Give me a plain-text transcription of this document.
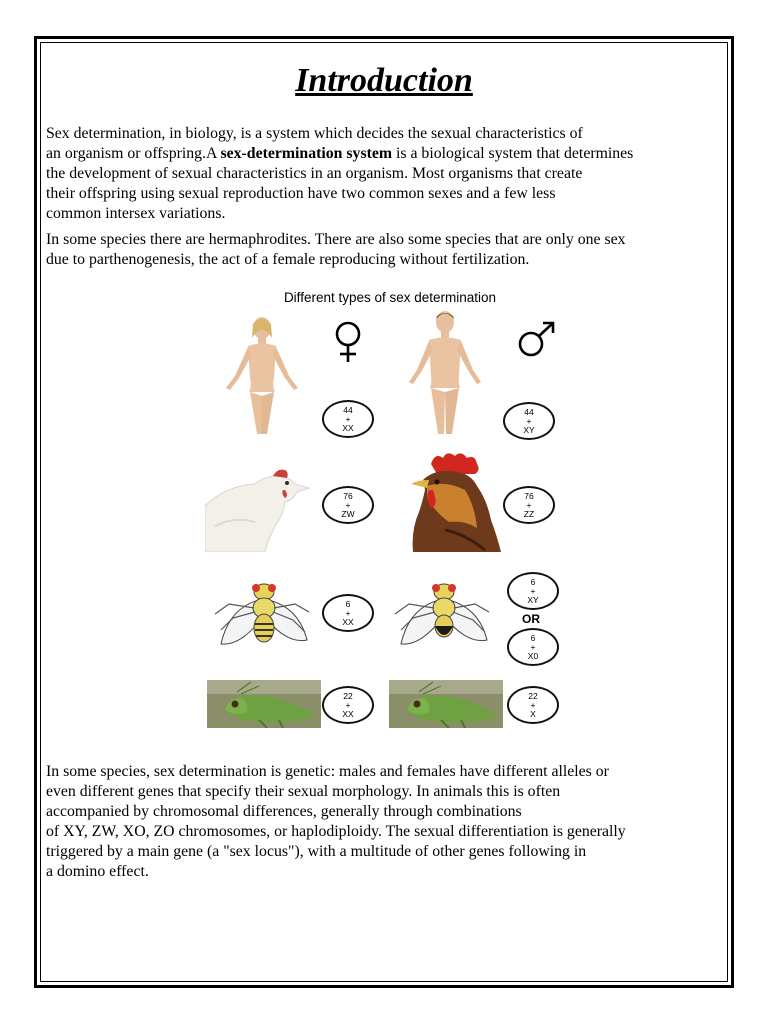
Introduction
Sex determination, in biology, is a system which decides the sexual characteristics of
an organism or offspring.A sex-determination system is a biological system that determines
the development of sexual characteristics in an organism. Most organisms that create
their offspring using sexual reproduction have two common sexes and a few less
common intersex variations.
In some species there are hermaphrodites. There are also some species that are only one sex
due to parthenogenesis, the act of a female reproducing without fertilization.
Different types of sex determination
44
+
XX
44
+
XY
76
+
ZW
76
+
ZZ
6
+
XX
6
+
XY
OR
6
+
X0
22
+
XX
22
+
X
In some species, sex determination is genetic: males and females have different alleles or
even different genes that specify their sexual morphology. In animals this is often
accompanied by chromosomal differences, generally through combinations
of XY, ZW, XO, ZO chromosomes, or haplodiploidy. The sexual differentiation is generally
triggered by a main gene (a "sex locus"), with a multitude of other genes following in
a domino effect.
